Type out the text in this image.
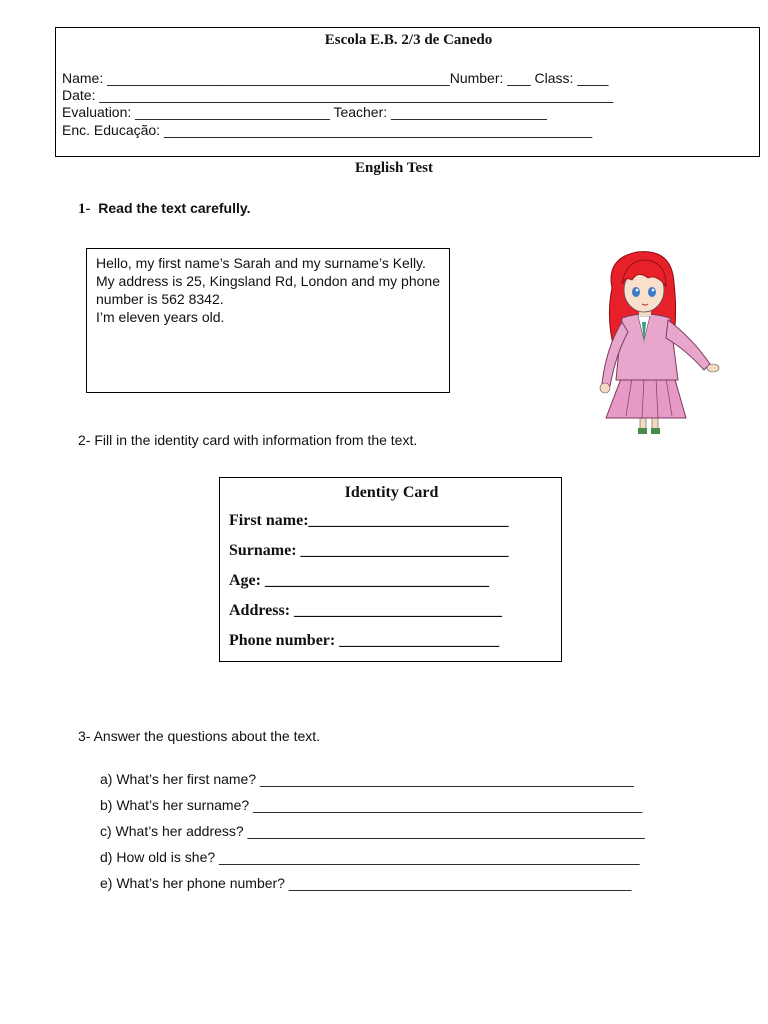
Escola E.B. 2/3 de Canedo
Name: ____________________________________________Number: ___ Class: ____
Date: __________________________________________________________________
Evaluation: _________________________ Teacher: ____________________
Enc. Educação: _______________________________________________________
English Test
1- Read the text carefully.

Hello, my first name’s Sarah and my surname’s Kelly.

My address is 25, Kingsland Rd, London and my phone number is 562 8342.

I’m eleven years old.

2- Fill in the identity card with information from the text.
Identity Card
First name:_________________________
Surname: __________________________
Age: ____________________________
Address: __________________________
Phone number: ____________________
3- Answer the questions about the text.
a) What’s her first name? ________________________________________________
b) What’s her surname? __________________________________________________
c) What’s her address? ___________________________________________________
d) How old is she? ______________________________________________________
e) What’s her phone number? ____________________________________________
